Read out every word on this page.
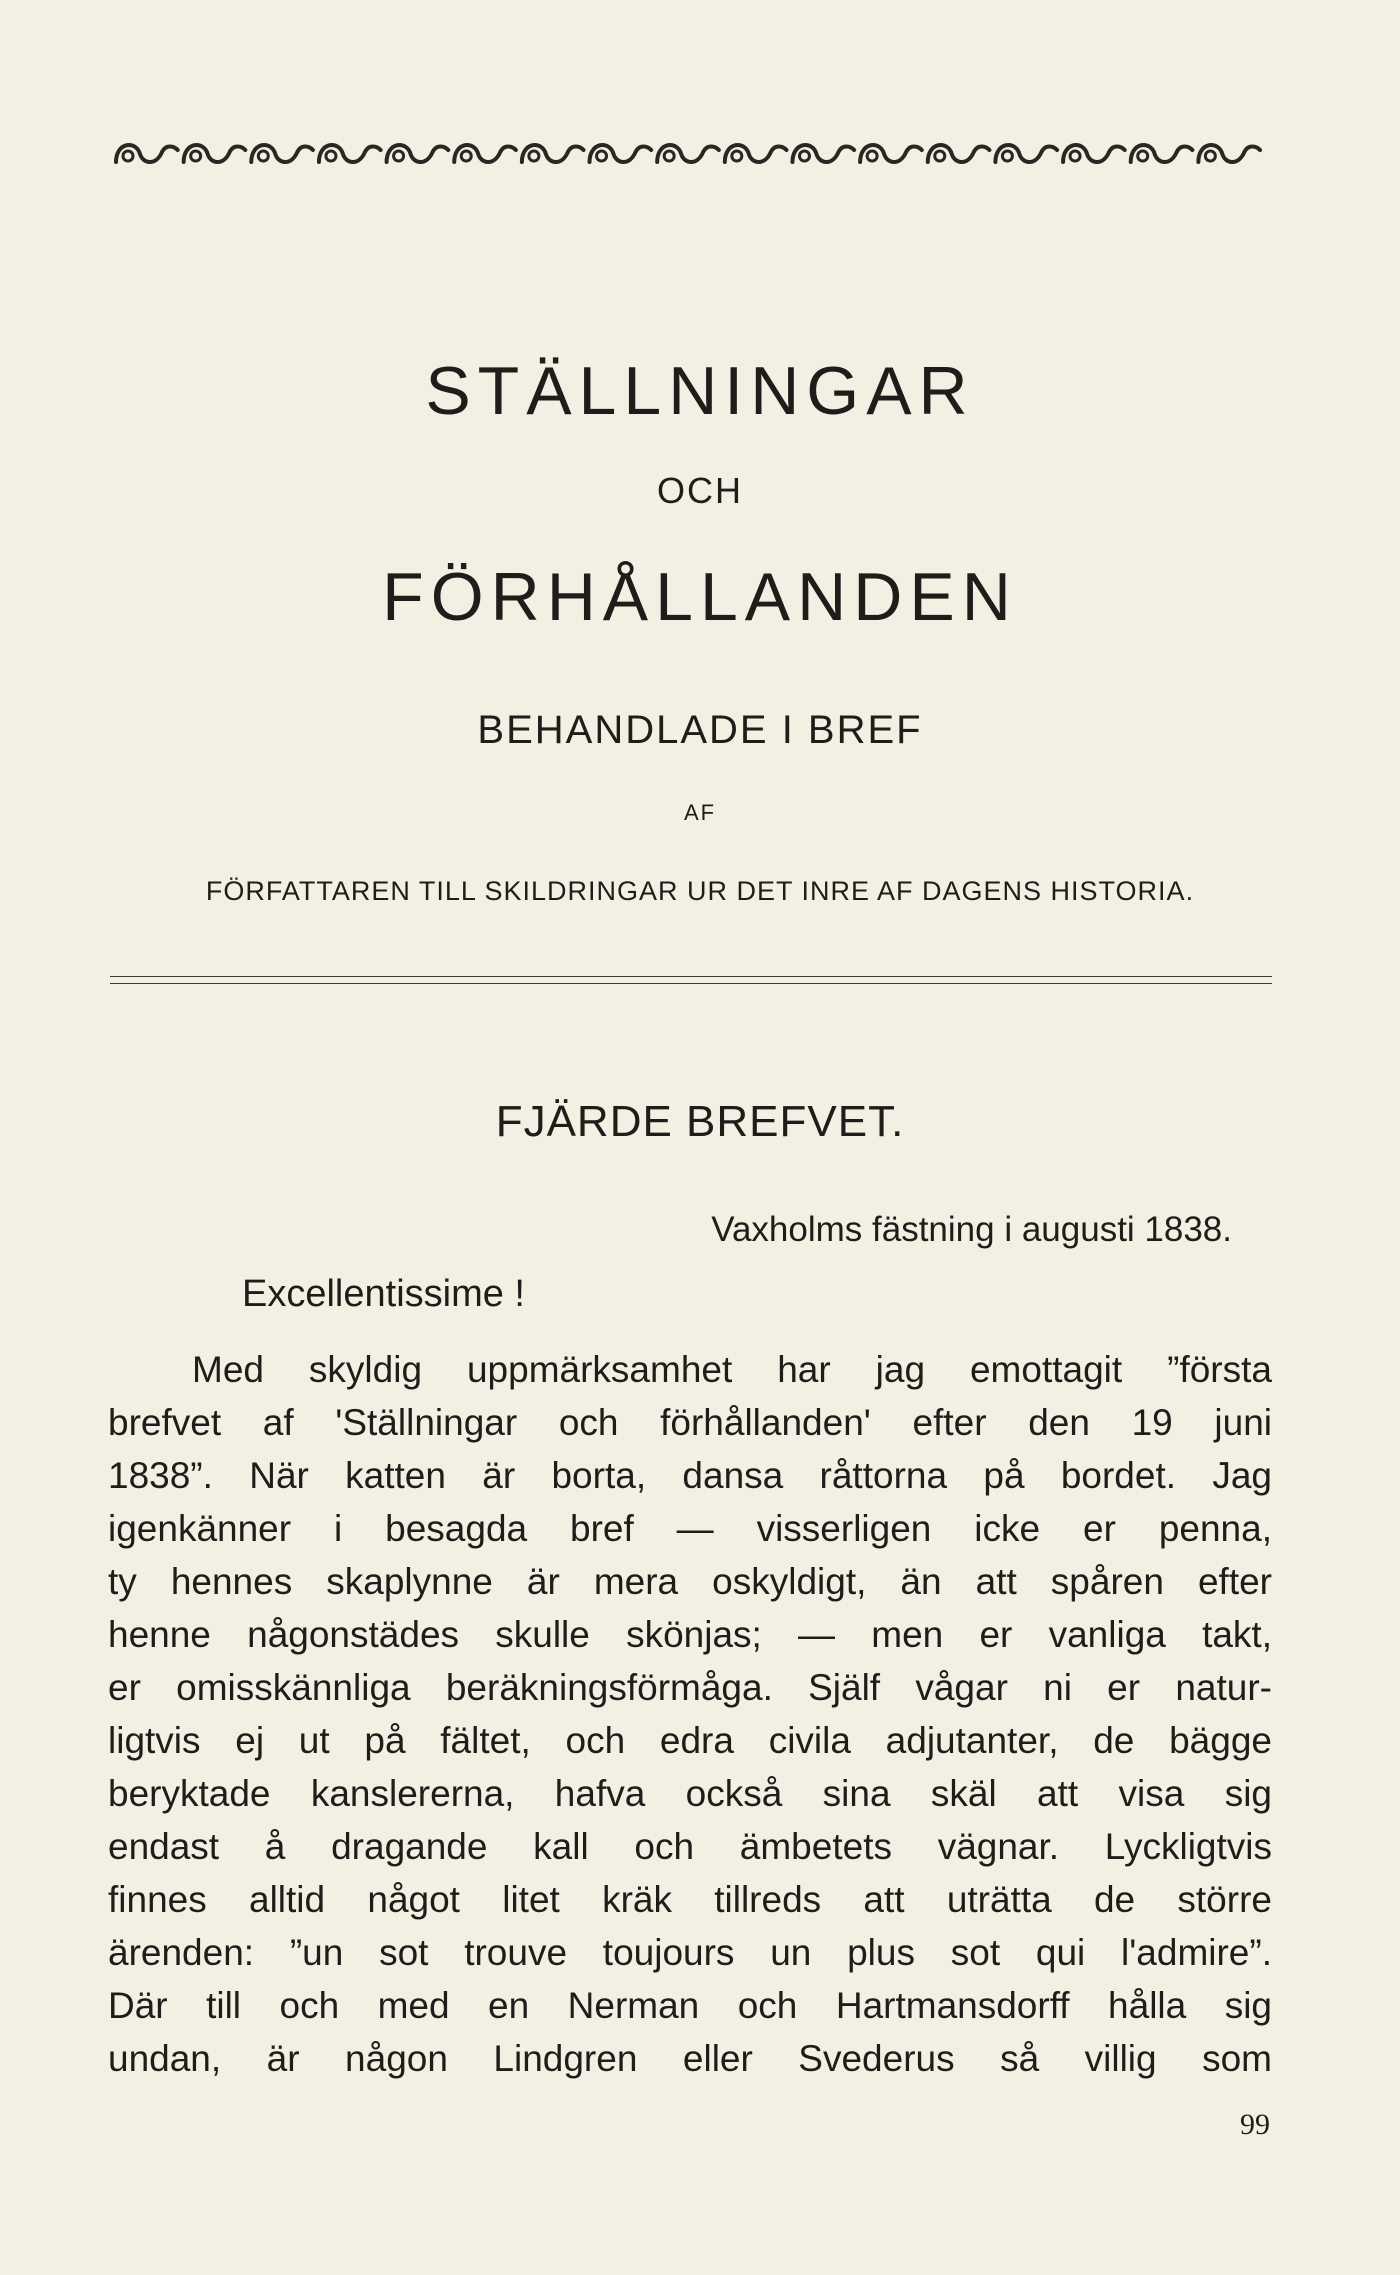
STÄLLNINGAR
OCH
FÖRHÅLLANDEN
BEHANDLADE I BREF
AF
FÖRFATTAREN TILL SKILDRINGAR UR DET INRE AF DAGENS HISTORIA.
FJÄRDE BREFVET.
Vaxholms fästning i augusti 1838.
Excellentissime !
Med skyldig uppmärksamhet har jag emottagit ”första
brefvet af 'Ställningar och förhållanden' efter den 19 juni
1838”. När katten är borta, dansa råttorna på bordet. Jag
igenkänner i besagda bref — visserligen icke er penna,
ty hennes skaplynne är mera oskyldigt, än att spåren efter
henne någonstädes skulle skönjas; — men er vanliga takt,
er omisskännliga beräkningsförmåga. Själf vågar ni er natur-
ligtvis ej ut på fältet, och edra civila adjutanter, de bägge
beryktade kanslererna, hafva också sina skäl att visa sig
endast å dragande kall och ämbetets vägnar. Lyckligtvis
finnes alltid något litet kräk tillreds att uträtta de större
ärenden: ”un sot trouve toujours un plus sot qui l'admire”.
Där till och med en Nerman och Hartmansdorff hålla sig
undan, är någon Lindgren eller Svederus så villig som
99
